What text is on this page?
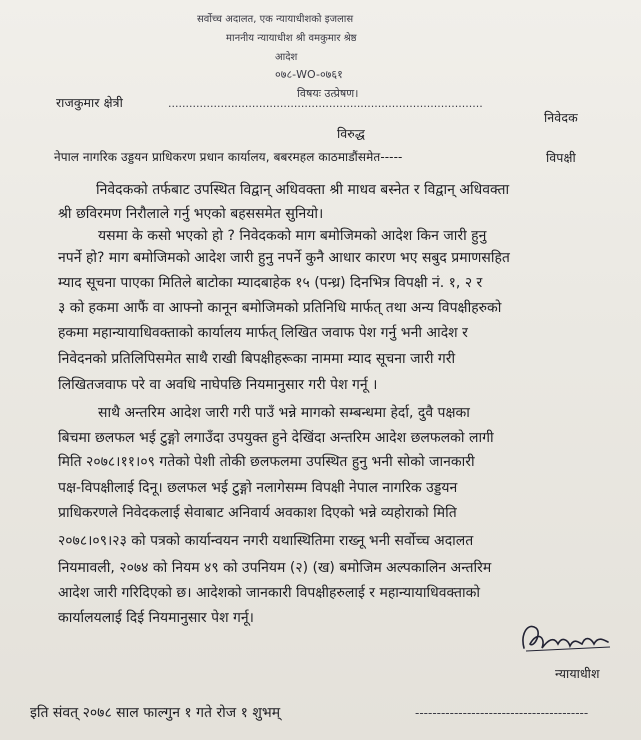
सर्वोच्च अदालत, एक न्यायाधीशको इजलास
माननीय न्यायाधीश श्री वमकुमार श्रेष्ठ
आदेश
०७८-WO-०७६१
विषयः उत्प्रेषण।
राजकुमार क्षेत्री	..........................................................................................
निवेदक
विरुद्ध
नेपाल नागरिक उड्डयन प्राधिकरण प्रधान कार्यालय, बबरमहल काठमाडौंसमेत-----	विपक्षी
निवेदकको तर्फबाट उपस्थित विद्वान् अधिवक्ता श्री माधव बस्नेत र विद्वान् अधिवक्ता
श्री छविरमण निरौलाले गर्नु भएको बहससमेत सुनियो।
यसमा के कसो भएको हो ? निवेदकको माग बमोजिमको आदेश किन जारी हुनु
नपर्ने हो? माग बमोजिमको आदेश जारी हुनु नपर्ने कुनै आधार कारण भए सबुद प्रमाणसहित
म्याद सूचना पाएका मितिले बाटोका म्यादबाहेक १५ (पन्ध्र) दिनभित्र विपक्षी नं. १, २ र
३ को हकमा आफैं वा आफ्नो कानून बमोजिमको प्रतिनिधि मार्फत् तथा अन्य विपक्षीहरुको
हकमा महान्यायाधिवक्ताको कार्यालय मार्फत् लिखित जवाफ पेश गर्नु भनी आदेश र
निवेदनको प्रतिलिपिसमेत साथै राखी बिपक्षीहरूका नाममा म्याद सूचना जारी गरी
लिखितजवाफ परे वा अवधि नाघेपछि नियमानुसार गरी पेश गर्नू ।
साथै अन्तरिम आदेश जारी गरी पाउँ भन्ने मागको सम्बन्धमा हेर्दा, दुवै पक्षका
बिचमा छलफल भई टुङ्गो लगाउँदा उपयुक्त हुने देखिंदा अन्तरिम आदेश छलफलको लागी
मिति २०७८।११।०९ गतेको पेशी तोकी छलफलमा उपस्थित हुनु भनी सोको जानकारी
पक्ष-विपक्षीलाई दिनू। छलफल भई टुङ्गो नलागेसम्म विपक्षी नेपाल नागरिक उड्डयन
प्राधिकरणले निवेदकलाई सेवाबाट अनिवार्य अवकाश दिएको भन्ने व्यहोराको मिति
२०७८।०९।२३ को पत्रको कार्यान्वयन नगरी यथास्थितिमा राख्नू भनी सर्वोच्च अदालत
नियमावली, २०७४ को नियम ४९ को उपनियम (२) (ख) बमोजिम अल्पकालिन अन्तरिम
आदेश जारी गरिदिएको छ। आदेशको जानकारी विपक्षीहरुलाई र महान्यायाधिवक्ताको
कार्यालयलाई दिई नियमानुसार पेश गर्नू।
न्यायाधीश
इति संवत् २०७८ साल फाल्गुन १ गते रोज १ शुभम्	----------------------------------------
